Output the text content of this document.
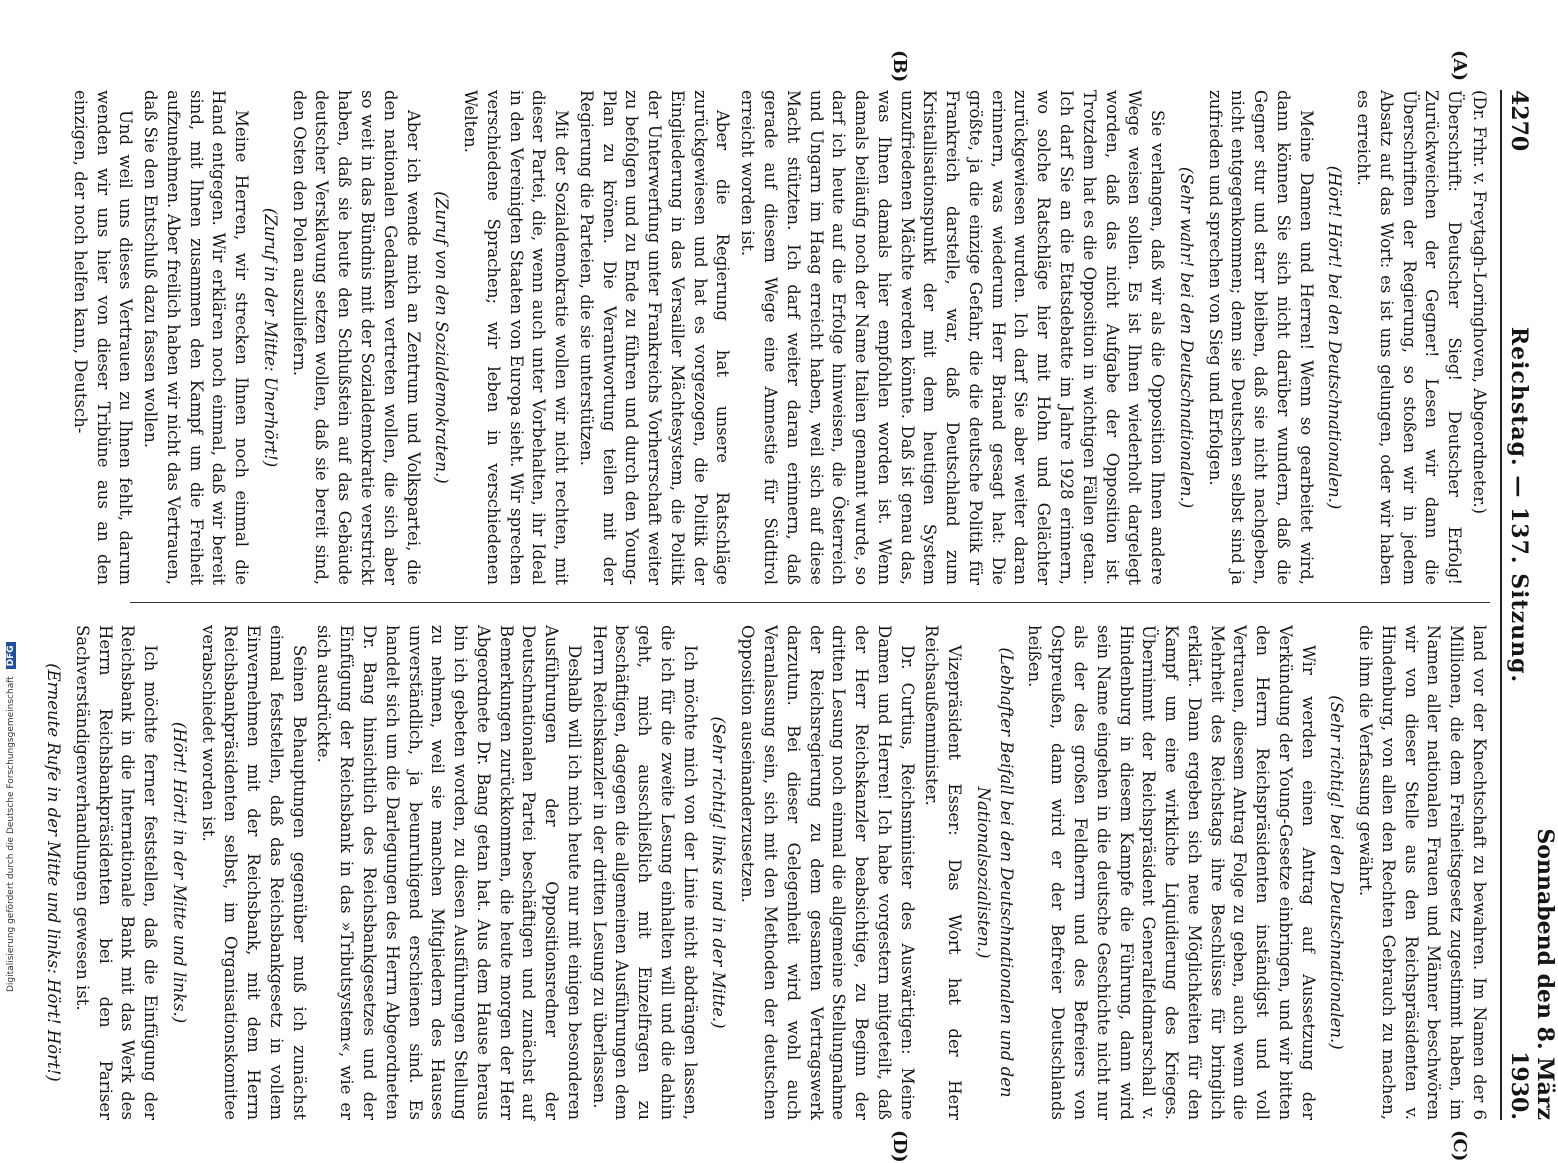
4270
Reichstag. — 137. Sitzung.
Sonnabend den 8. März 1930.

(Dr. Frhr. v. Freytagh-Loringhoven, Abgeordneter.)

Überschrift: Deutscher Sieg! Deutscher Erfolg! Zurückweichen der Gegner! Lesen wir dann die Überschriften der Regierung, so stoßen wir in jedem Absatz auf das Wort: es ist uns gelungen, oder wir haben es erreicht.

(Hört! Hört! bei den Deutschnationalen.)

Meine Damen und Herren! Wenn so gearbeitet wird, dann können Sie sich nicht darüber wundern, daß die Gegner stur und starr bleiben, daß sie nicht nachgeben, nicht entgegenkommen; denn sie Deutschen selbst sind ja zufrieden und sprechen von Sieg und Erfolgen.

(Sehr wahr! bei den Deutschnationalen.)

Sie verlangen, daß wir als die Opposition Ihnen andere Wege weisen sollen. Es ist Ihnen wiederholt dargelegt worden, daß das nicht Aufgabe der Opposition ist. Trotzdem hat es die Opposition in wichtigen Fällen getan. Ich darf Sie an die Etatsdebatte im Jahre 1928 erinnern, wo solche Ratschläge hier mit Hohn und Gelächter zurückgewiesen wurden. Ich darf Sie aber weiter daran erinnern, was wiederum Herr Briand gesagt hat: Die größte, ja die einzige Gefahr, die die deutsche Politik für Frankreich darstelle, war, daß Deutschland zum Kristallisationspunkt der mit dem heutigen System unzufriedenen Mächte werden könnte. Daß ist genau das, was Ihnen damals hier empfohlen worden ist. Wenn damals beiläufig noch der Name Italien genannt wurde, so darf ich heute auf die Erfolge hinweisen, die Österreich und Ungarn im Haag erreicht haben, weil sich auf diese Macht stützten. Ich darf weiter daran erinnern, daß gerade auf diesem Wege eine Amnestie für Südtirol erreicht worden ist.

Aber die Regierung hat unsere Ratschläge zurückgewiesen und hat es vorgezogen, die Politik der Eingliederung in das Versailler Mächtesystem, die Politik der Unterwerfung unter Frankreichs Vorherrschaft weiter zu befolgen und zu Ende zu führen und durch den Young-Plan zu krönen. Die Verantwortung teilen mit der Regierung die Parteien, die sie unterstützen.

Mit der Sozialdemokratie wollen wir nicht rechten, mit dieser Partei, die, wenn auch unter Vorbehalten, ihr Ideal in den Vereinigten Staaten von Europa sieht. Wir sprechen verschiedene Sprachen; wir leben in verschiedenen Welten.

(Zuruf von den Sozialdemokraten.)

Aber ich wende mich an Zentrum und Volkspartei, die den nationalen Gedanken vertreten wollen, die sich aber so weit in das Bündnis mit der Sozialdemokratie verstrickt haben, daß sie heute den Schlußstein auf das Gebäude deutscher Versklavung setzen wollen, daß sie bereit sind, den Osten den Polen auszuliefern.

(Zuruf in der Mitte: Unerhört!)

Meine Herren, wir strecken Ihnen noch einmal die Hand entgegen. Wir erklären noch einmal, daß wir bereit sind, mit Ihnen zusammen den Kampf um die Freiheit aufzunehmen. Aber freilich haben wir nicht das Vertrauen, daß Sie den Entschluß dazu fassen wollen.

Und weil uns dieses Vertrauen zu Ihnen fehlt, darum wenden wir uns hier von dieser Tribüne aus an den einzigen, der noch helfen kann, Deutsch-

land vor der Knechtschaft zu bewahren. Im Namen der 6 Millionen, die dem Freiheitsgesetz zugestimmt haben, im Namen aller nationalen Frauen und Männer beschwören wir von dieser Stelle aus den Reichspräsidenten v. Hindenburg, von allen den Rechten Gebrauch zu machen, die ihm die Verfassung gewährt.

(Sehr richtig! bei den Deutschnationalen.)

Wir werden einen Antrag auf Aussetzung der Verkündung der Young-Gesetze einbringen, und wir bitten den Herrn Reichspräsidenten inständigst und voll Vertrauen, diesem Antrag Folge zu geben, auch wenn die Mehrheit des Reichstags ihre Beschlüsse für bringlich erklärt. Dann ergeben sich neue Möglichkeiten für den Kampf um eine wirkliche Liquidierung des Krieges. Übernimmt der Reichspräsident Generalfeldmarschall v. Hindenburg in diesem Kampfe die Führung, dann wird sein Name eingehen in die deutsche Geschichte nicht nur als der des großen Feldherrn und des Befreiers von Ostpreußen, dann wird er der Befreier Deutschlands heißen.

(Lebhafter Beifall bei den Deutschnationalen und den Nationalsozialisten.)

Vizepräsident Esser: Das Wort hat der Herr Reichsaußenminister.

Dr. Curtius, Reichsminister des Auswärtigen: Meine Damen und Herren! Ich habe vorgestern mitgeteilt, daß der Herr Reichskanzler beabsichtige, zu Beginn der dritten Lesung noch einmal die allgemeine Stellungnahme der Reichsregierung zu dem gesamten Vertragswerk darzutun. Bei dieser Gelegenheit wird wohl auch Veranlassung sein, sich mit den Methoden der deutschen Opposition auseinanderzusetzen.

(Sehr richtig! links und in der Mitte.)

Ich möchte mich von der Linie nicht abdrängen lassen, die ich für die zweite Lesung einhalten will und die dahin geht, mich ausschließlich mit Einzelfragen zu beschäftigen, dagegen die allgemeinen Ausführungen dem Herrn Reichskanzler in der dritten Lesung zu überlassen.

Deshalb will ich mich heute nur mit einigen besonderen Ausführungen der Oppositionsredner der Deutschnationalen Partei beschäftigen und zunächst auf Bemerkungen zurückkommen, die heute morgen der Herr Abgeordnete Dr. Bang getan hat. Aus dem Hause heraus bin ich gebeten worden, zu diesen Ausführungen Stellung zu nehmen, weil sie manchen Mitgliedern des Hauses unverständlich, ja beunruhigend erschienen sind. Es handelt sich um die Darlegungen des Herrn Abgeordneten Dr. Bang hinsichtlich des Reichsbankgesetzes und der Einfügung der Reichsbank in das »Tributsystem«, wie er sich ausdrückte.

Seinen Behauptungen gegenüber muß ich zunächst einmal feststellen, daß das Reichsbankgesetz in vollem Einvernehmen mit der Reichsbank, mit dem Herrn Reichsbankpräsidenten selbst, im Organisationskomitee verabschiedet worden ist.

(Hört! Hört! in der Mitte und links.)

Ich möchte ferner feststellen, daß die Einfügung der Reichsbank in die Internationale Bank mit das Werk des Herrn Reichsbankpräsidenten bei den Pariser Sachverständigenverhandlungen gewesen ist.

(Erneute Rufe in der Mitte und links: Hört! Hört!)

(A)
(B)
(C)
(D)
Digitalisierung gefördert durch die Deutsche Forschungsgemeinschaft DFG
